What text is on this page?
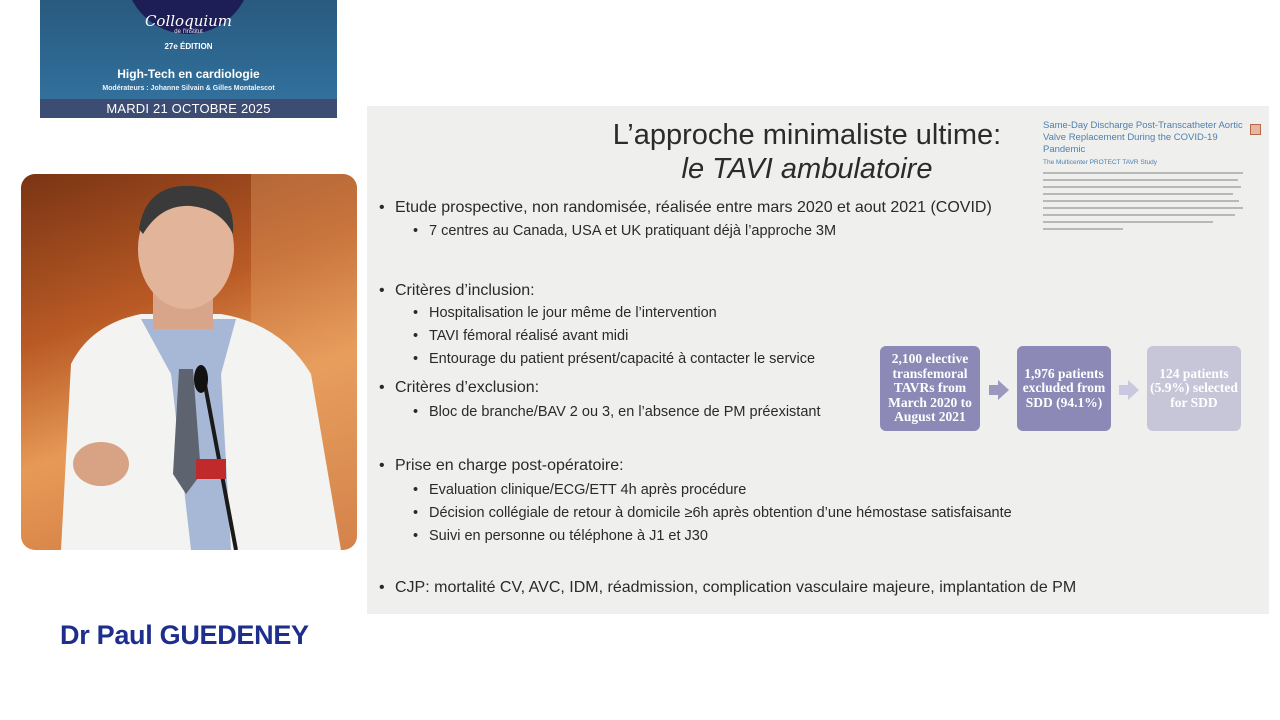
Colloquium
de l'Institut
27e ÉDITION
High-Tech en cardiologie
Modérateurs : Johanne Silvain & Gilles Montalescot
MARDI 21 OCTOBRE 2025
Dr Paul GUEDENEY
L’approche minimaliste ultime:
le TAVI ambulatoire
Same-Day Discharge Post-Transcatheter Aortic Valve Replacement During the COVID-19 Pandemic
The Multicenter PROTECT TAVR Study
• Etude prospective, non randomisée, réalisée entre mars 2020 et aout 2021 (COVID)
• 7 centres au Canada, USA et UK pratiquant déjà l’approche 3M
• Critères d’inclusion:
• Hospitalisation le jour même de l’intervention
• TAVI fémoral réalisé avant midi
• Entourage du patient présent/capacité à contacter le service
• Critères d’exclusion:
• Bloc de branche/BAV 2 ou 3, en l’absence de PM préexistant
• Prise en charge post-opératoire:
• Evaluation clinique/ECG/ETT 4h après procédure
• Décision collégiale de retour à domicile ≥6h après obtention d’une hémostase satisfaisante
• Suivi en personne ou téléphone à J1 et J30
• CJP: mortalité CV, AVC, IDM, réadmission, complication vasculaire majeure, implantation de PM
2,100 elective transfemoral TAVRs from March 2020 to August 2021
1,976 patients excluded from SDD (94.1%)
124 patients (5.9%) selected for SDD
